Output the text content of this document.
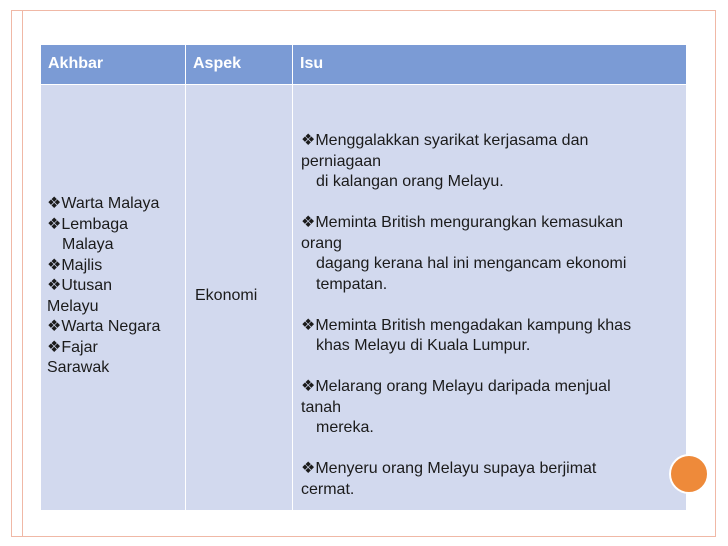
Akhbar	Aspek	Isu
❖Warta Malaya
❖Lembaga
Malaya
❖Majlis
❖Utusan
Melayu
❖Warta Negara
❖Fajar
Sarawak
Ekonomi
❖Menggalakkan syarikat kerjasama dan
perniagaan
di kalangan orang Melayu.
❖Meminta British mengurangkan kemasukan
orang
dagang kerana hal ini mengancam ekonomi
tempatan.
❖Meminta British mengadakan kampung khas
khas Melayu di Kuala Lumpur.
❖Melarang orang Melayu daripada menjual
tanah
mereka.
❖Menyeru orang Melayu supaya berjimat
cermat.
